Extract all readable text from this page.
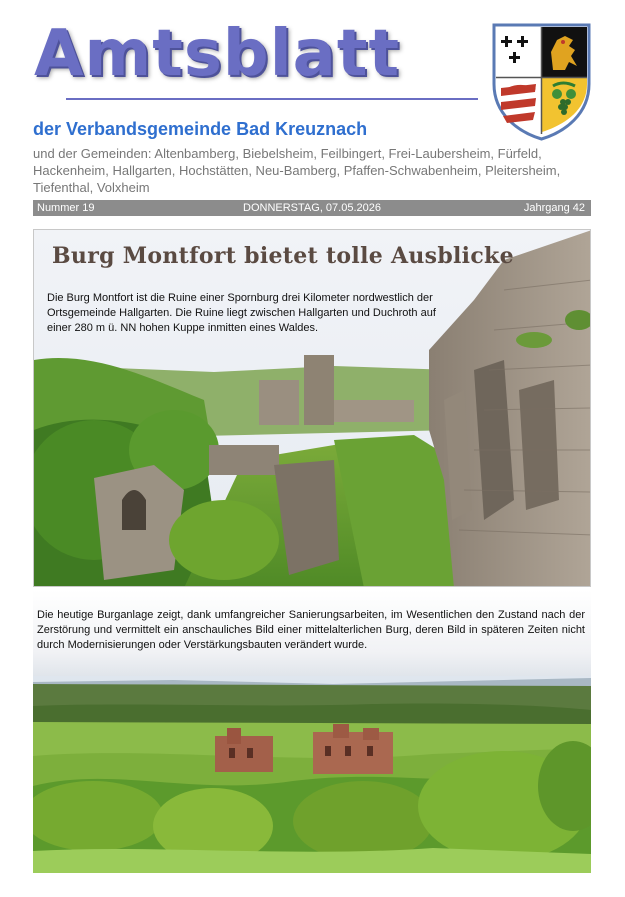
Amtsblatt
der Verbandsgemeinde Bad Kreuznach

und der Gemeinden: Altenbamberg, Biebelsheim, Feilbingert, Frei-Laubersheim, Fürfeld, Hackenheim, Hallgarten, Hochstätten, Neu-Bamberg, Pfaffen-Schwabenheim, Pleitersheim, Tiefenthal, Volxheim

DONNERSTAG, 07.05.2026
Nummer 19	Jahrgang 42
Burg Montfort bietet tolle Ausblicke

Die Burg Montfort ist die Ruine einer Spornburg drei Kilometer nordwestlich der Ortsgemeinde Hallgarten. Die Ruine liegt zwischen Hallgarten und Duchroth auf einer 280 m ü. NN hohen Kuppe inmitten eines Waldes.

Die heutige Burganlage zeigt, dank umfangreicher Sanierungsarbeiten, im Wesentlichen den Zustand nach der Zerstörung und vermittelt ein anschauliches Bild einer mittelalterlichen Burg, deren Bild in späteren Zeiten nicht durch Modernisierungen oder Verstärkungsbauten verändert wurde.
